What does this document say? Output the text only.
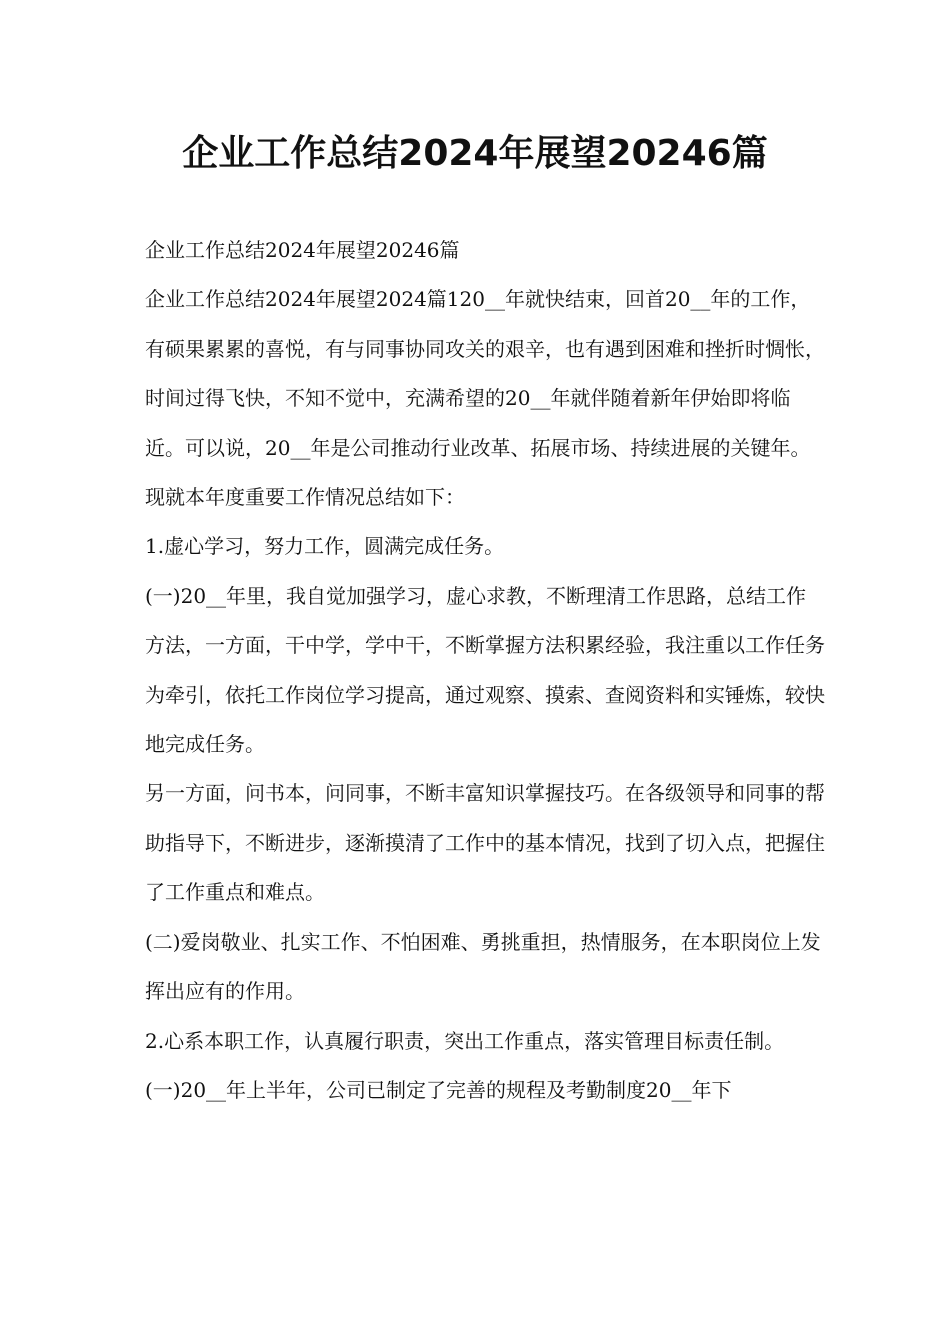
企业工作总结2024年展望20246篇

企业工作总结2024年展望20246篇

企业工作总结2024年展望2024篇120__年就快结束，回首20__年的工作，有硕果累累的喜悦，有与同事协同攻关的艰辛，也有遇到困难和挫折时惆怅，时间过得飞快，不知不觉中，充满希望的20__年就伴随着新年伊始即将临近。可以说，20__年是公司推动行业改革、拓展市场、持续进展的关键年。现就本年度重要工作情况总结如下：

1.虚心学习，努力工作，圆满完成任务。

(一)20__年里，我自觉加强学习，虚心求教，不断理清工作思路，总结工作方法，一方面，干中学，学中干，不断掌握方法积累经验，我注重以工作任务为牵引，依托工作岗位学习提高，通过观察、摸索、查阅资料和实锤炼，较快地完成任务。

另一方面，问书本，问同事，不断丰富知识掌握技巧。在各级领导和同事的帮助指导下，不断进步，逐渐摸清了工作中的基本情况，找到了切入点，把握住了工作重点和难点。

(二)爱岗敬业、扎实工作、不怕困难、勇挑重担，热情服务，在本职岗位上发挥出应有的作用。

2.心系本职工作，认真履行职责，突出工作重点，落实管理目标责任制。

(一)20__年上半年，公司已制定了完善的规程及考勤制度20__年下
